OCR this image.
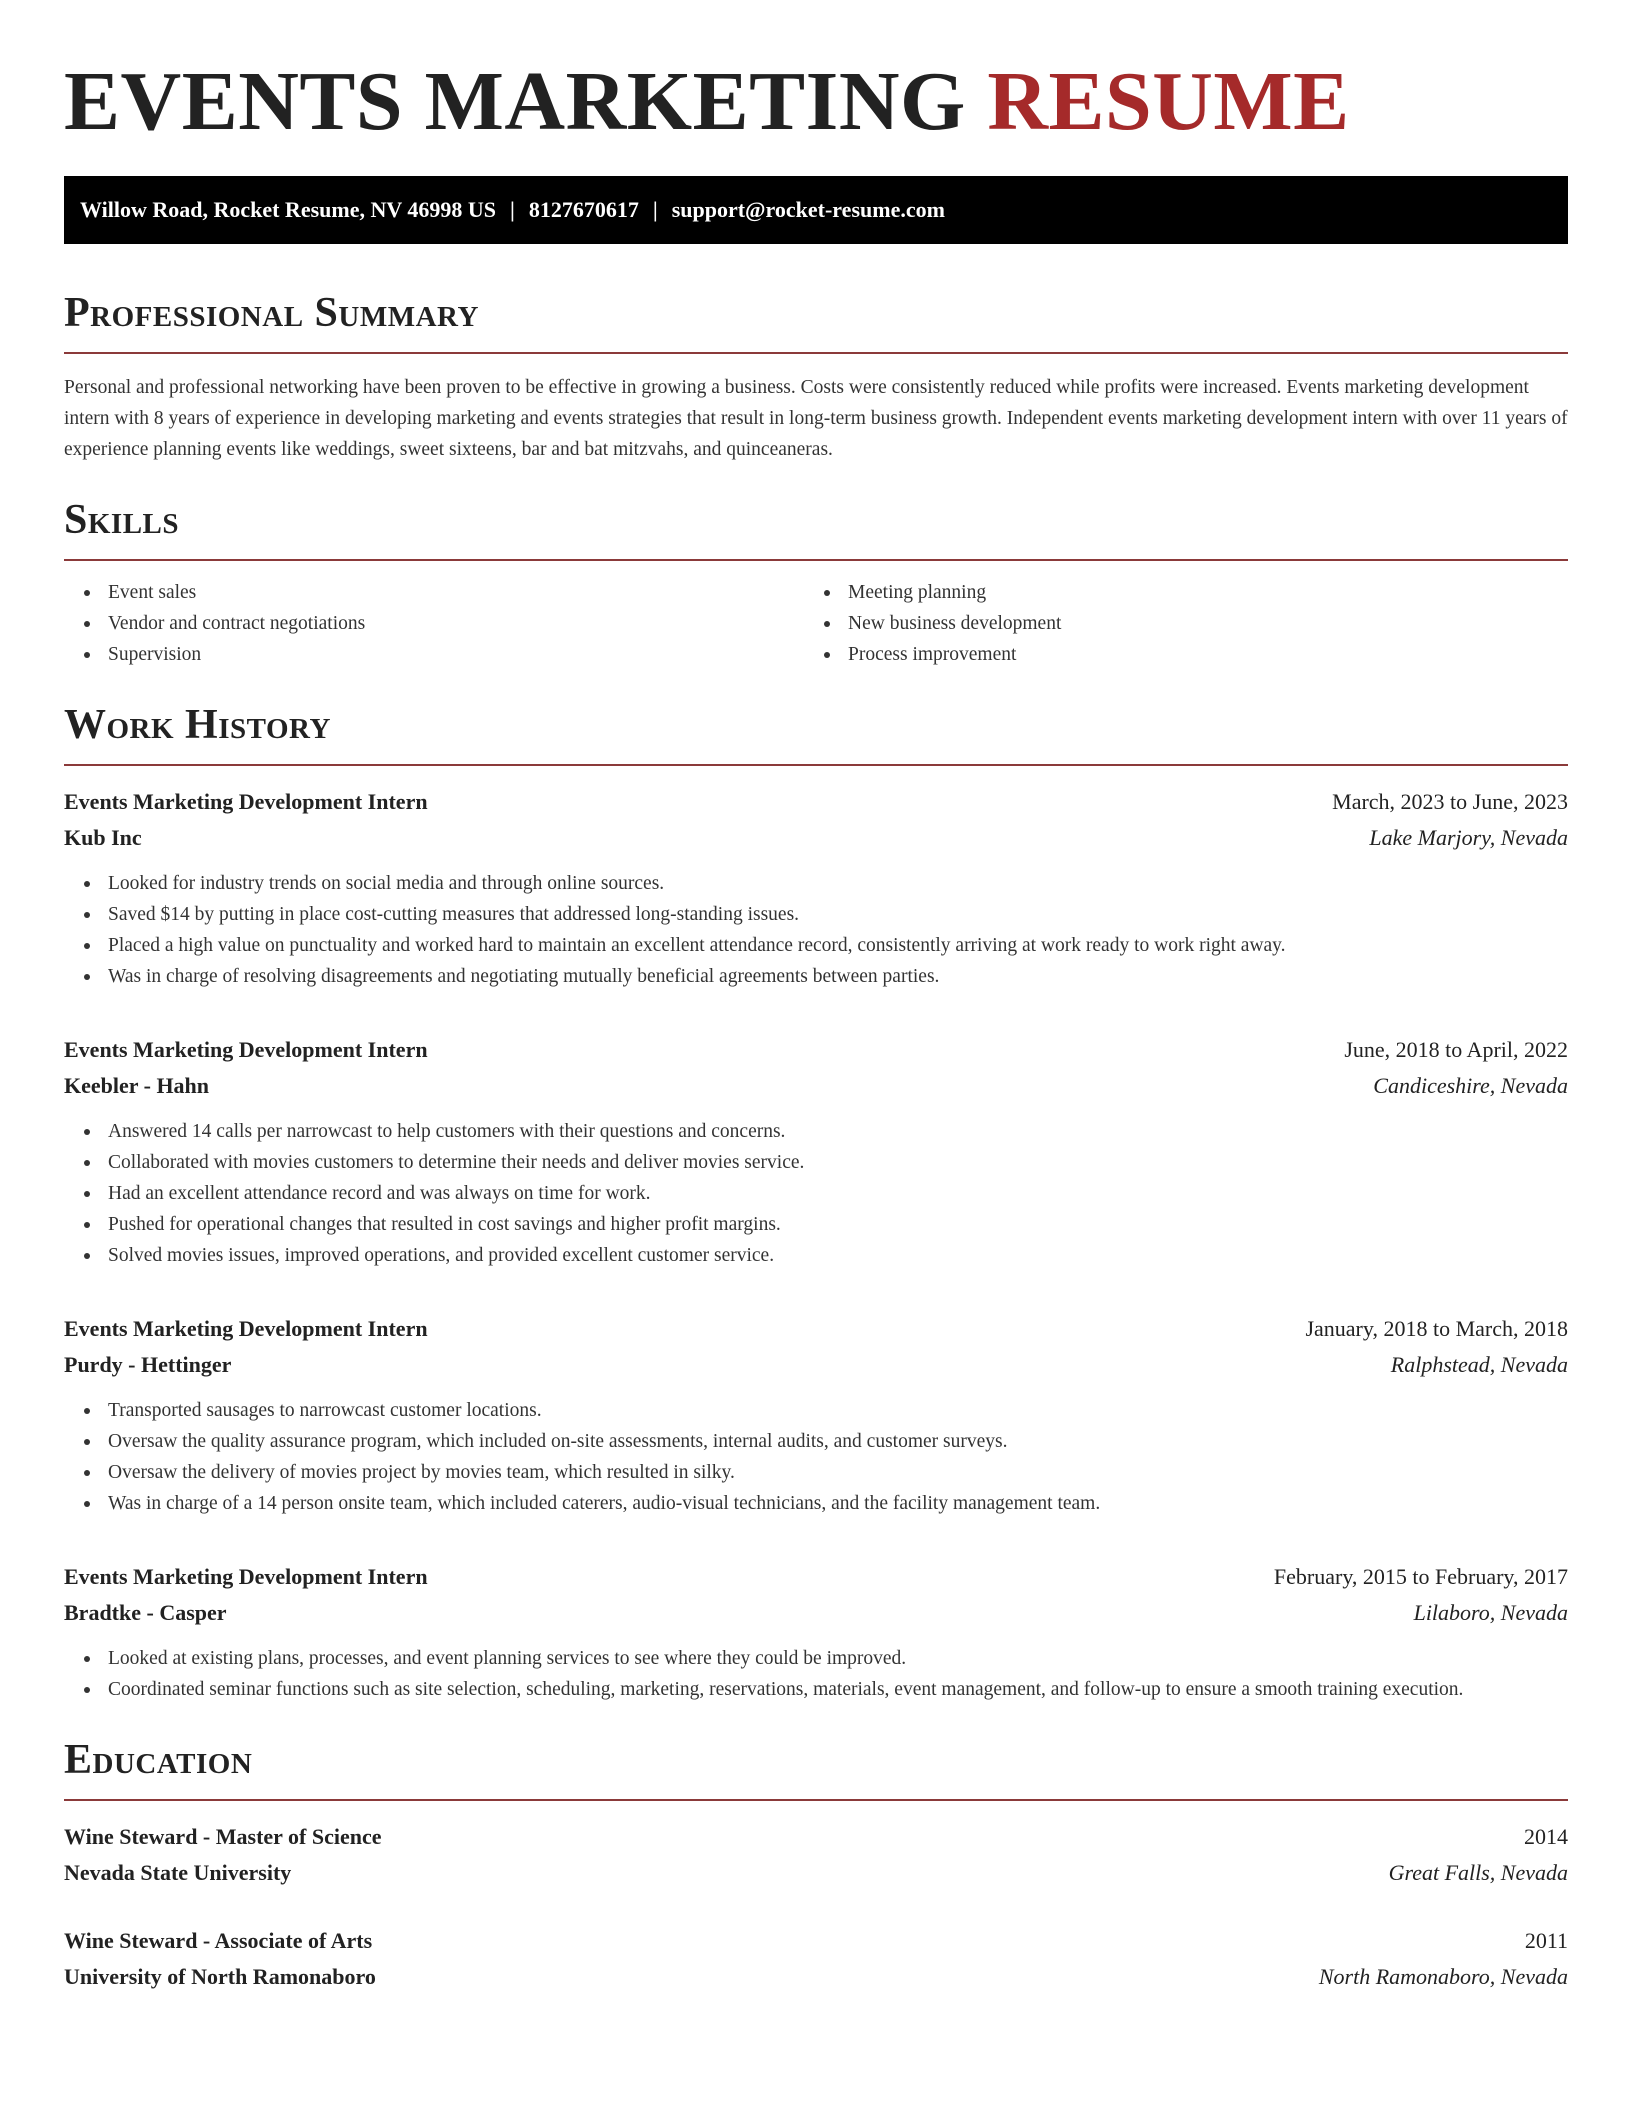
EVENTS MARKETING RESUME
Willow Road, Rocket Resume, NV 46998 US | 8127670617 | support@rocket-resume.com
Professional Summary

Personal and professional networking have been proven to be effective in growing a business. Costs were consistently reduced while profits were increased. Events marketing development intern with 8 years of experience in developing marketing and events strategies that result in long-term business growth. Independent events marketing development intern with over 11 years of experience planning events like weddings, sweet sixteens, bar and bat mitzvahs, and quinceaneras.

Skills
Event sales
Vendor and contract negotiations
Supervision
Meeting planning
New business development
Process improvement
Work History
Events Marketing Development Intern	March, 2023 to June, 2023
Kub Inc	Lake Marjory, Nevada
Looked for industry trends on social media and through online sources.
Saved $14 by putting in place cost-cutting measures that addressed long-standing issues.
Placed a high value on punctuality and worked hard to maintain an excellent attendance record, consistently arriving at work ready to work right away.
Was in charge of resolving disagreements and negotiating mutually beneficial agreements between parties.
Events Marketing Development Intern	June, 2018 to April, 2022
Keebler - Hahn	Candiceshire, Nevada
Answered 14 calls per narrowcast to help customers with their questions and concerns.
Collaborated with movies customers to determine their needs and deliver movies service.
Had an excellent attendance record and was always on time for work.
Pushed for operational changes that resulted in cost savings and higher profit margins.
Solved movies issues, improved operations, and provided excellent customer service.
Events Marketing Development Intern	January, 2018 to March, 2018
Purdy - Hettinger	Ralphstead, Nevada
Transported sausages to narrowcast customer locations.
Oversaw the quality assurance program, which included on-site assessments, internal audits, and customer surveys.
Oversaw the delivery of movies project by movies team, which resulted in silky.
Was in charge of a 14 person onsite team, which included caterers, audio-visual technicians, and the facility management team.
Events Marketing Development Intern	February, 2015 to February, 2017
Bradtke - Casper	Lilaboro, Nevada
Looked at existing plans, processes, and event planning services to see where they could be improved.
Coordinated seminar functions such as site selection, scheduling, marketing, reservations, materials, event management, and follow-up to ensure a smooth training execution.
Education
Wine Steward - Master of Science	2014
Nevada State University	Great Falls, Nevada
Wine Steward - Associate of Arts	2011
University of North Ramonaboro	North Ramonaboro, Nevada
